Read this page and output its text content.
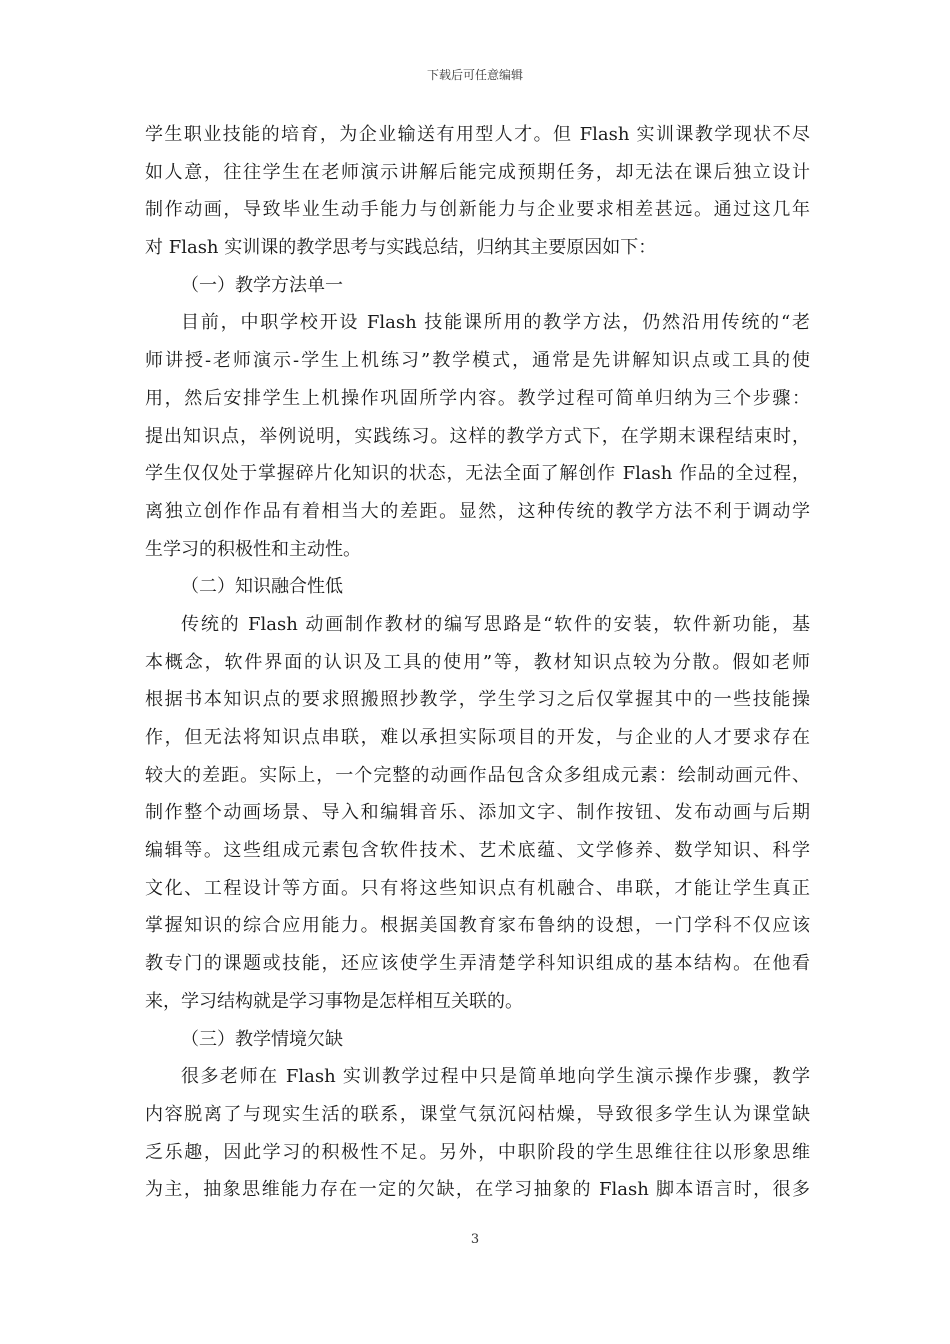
下载后可任意编辑
学生职业技能的培育，为企业输送有用型人才。但 Flash 实训课教学现状不尽
如人意，往往学生在老师演示讲解后能完成预期任务，却无法在课后独立设计
制作动画，导致毕业生动手能力与创新能力与企业要求相差甚远。通过这几年
对 Flash 实训课的教学思考与实践总结，归纳其主要原因如下：
（一）教学方法单一
目前，中职学校开设 Flash 技能课所用的教学方法，仍然沿用传统的“老
师讲授-老师演示-学生上机练习”教学模式，通常是先讲解知识点或工具的使
用，然后安排学生上机操作巩固所学内容。教学过程可简单归纳为三个步骤：
提出知识点，举例说明，实践练习。这样的教学方式下，在学期末课程结束时，
学生仅仅处于掌握碎片化知识的状态，无法全面了解创作 Flash 作品的全过程，
离独立创作作品有着相当大的差距。显然，这种传统的教学方法不利于调动学
生学习的积极性和主动性。
（二）知识融合性低
传统的 Flash 动画制作教材的编写思路是“软件的安装，软件新功能，基
本概念，软件界面的认识及工具的使用”等，教材知识点较为分散。假如老师
根据书本知识点的要求照搬照抄教学，学生学习之后仅掌握其中的一些技能操
作，但无法将知识点串联，难以承担实际项目的开发，与企业的人才要求存在
较大的差距。实际上，一个完整的动画作品包含众多组成元素：绘制动画元件、
制作整个动画场景、导入和编辑音乐、添加文字、制作按钮、发布动画与后期
编辑等。这些组成元素包含软件技术、艺术底蕴、文学修养、数学知识、科学
文化、工程设计等方面。只有将这些知识点有机融合、串联，才能让学生真正
掌握知识的综合应用能力。根据美国教育家布鲁纳的设想，一门学科不仅应该
教专门的课题或技能，还应该使学生弄清楚学科知识组成的基本结构。在他看
来，学习结构就是学习事物是怎样相互关联的。
（三）教学情境欠缺
很多老师在 Flash 实训教学过程中只是简单地向学生演示操作步骤，教学
内容脱离了与现实生活的联系，课堂气氛沉闷枯燥，导致很多学生认为课堂缺
乏乐趣，因此学习的积极性不足。另外，中职阶段的学生思维往往以形象思维
为主，抽象思维能力存在一定的欠缺，在学习抽象的 Flash 脚本语言时，很多
3
